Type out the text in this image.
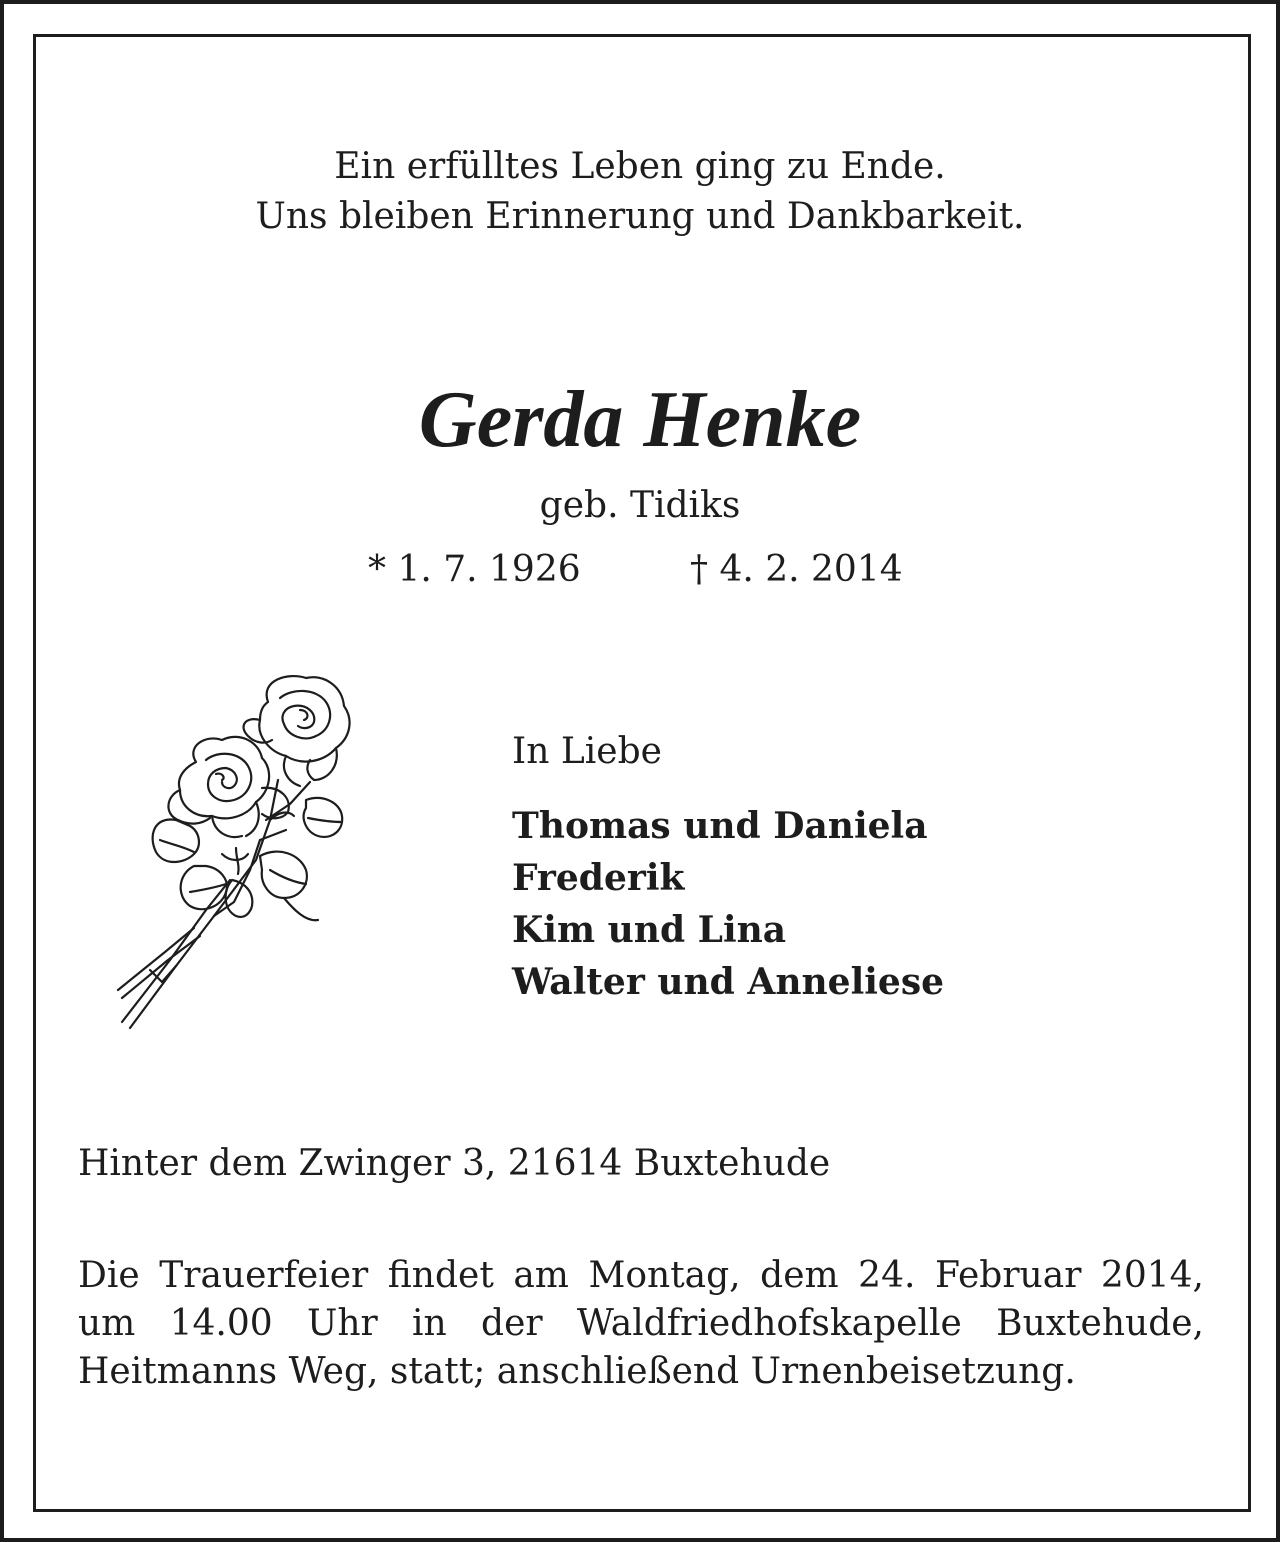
Ein erfülltes Leben ging zu Ende.
Uns bleiben Erinnerung und Dankbarkeit.
Gerda Henke
geb. Tidiks
* 1. 7. 1926	† 4. 2. 2014
In Liebe
Thomas und Daniela
Frederik
Kim und Lina
Walter und Anneliese
Hinter dem Zwinger 3, 21614 Buxtehude
Die Trauerfeier findet am Montag, dem 24. Februar 2014,
um 14.00 Uhr in der Waldfriedhofskapelle Buxtehude,
Heitmanns Weg, statt; anschließend Urnenbeisetzung.
